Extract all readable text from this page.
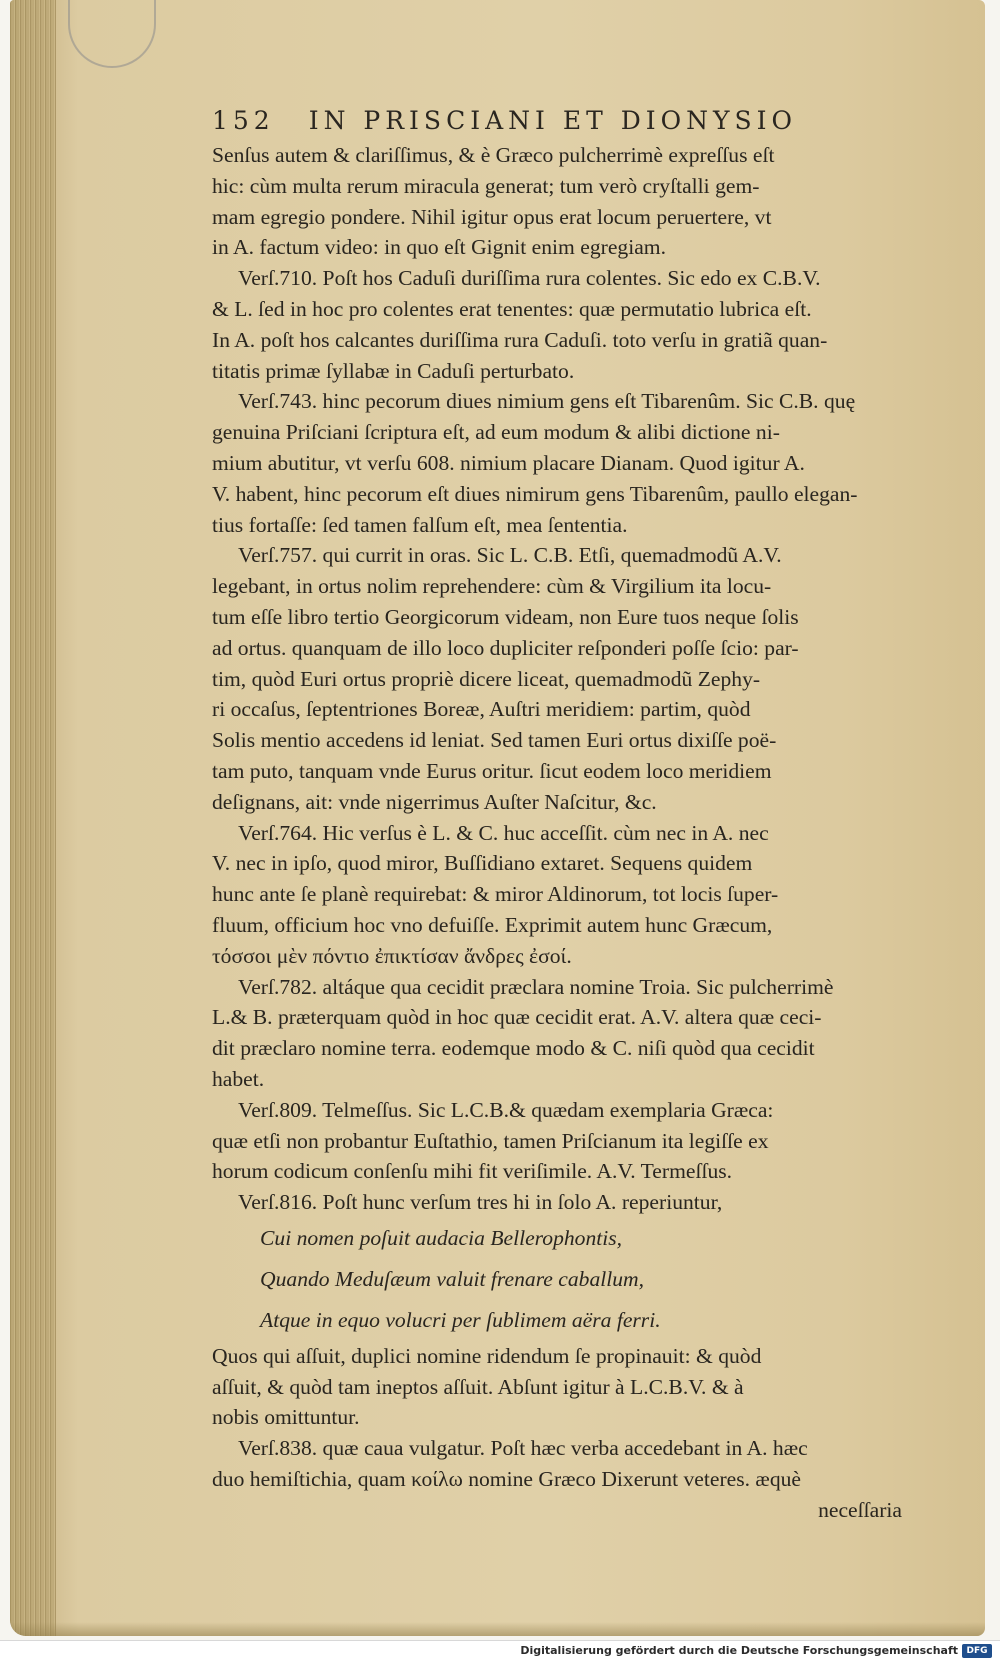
152 IN PRISCIANI ET DIONYSIO
Senſus autem & clariſſimus, & è Græco pulcherrimè expreſſus eſt
hic: cùm multa rerum miracula generat; tum verò cryſtalli gem-
mam egregio pondere. Nihil igitur opus erat locum peruertere, vt
in A. factum video: in quo eſt Gignit enim egregiam.
Verſ.710. Poſt hos Caduſi duriſſima rura colentes. Sic edo ex C.B.V.
& L. ſed in hoc pro colentes erat tenentes: quæ permutatio lubrica eſt.
In A. poſt hos calcantes duriſſima rura Caduſi. toto verſu in gratiã quan-
titatis primæ ſyllabæ in Caduſi perturbato.
Verſ.743. hinc pecorum diues nimium gens eſt Tibarenûm. Sic C.B. quę
genuina Priſciani ſcriptura eſt, ad eum modum & alibi dictione ni-
mium abutitur, vt verſu 608. nimium placare Dianam. Quod igitur A.
V. habent, hinc pecorum eſt diues nimirum gens Tibarenûm, paullo elegan-
tius fortaſſe: ſed tamen falſum eſt, mea ſententia.
Verſ.757. qui currit in oras. Sic L. C.B. Etſi, quemadmodũ A.V.
legebant, in ortus nolim reprehendere: cùm & Virgilium ita locu-
tum eſſe libro tertio Georgicorum videam, non Eure tuos neque ſolis
ad ortus. quanquam de illo loco dupliciter reſponderi poſſe ſcio: par-
tim, quòd Euri ortus propriè dicere liceat, quemadmodũ Zephy-
ri occaſus, ſeptentriones Boreæ, Auſtri meridiem: partim, quòd
Solis mentio accedens id leniat. Sed tamen Euri ortus dixiſſe poë-
tam puto, tanquam vnde Eurus oritur. ſicut eodem loco meridiem
deſignans, ait: vnde nigerrimus Auſter Naſcitur, &c.
Verſ.764. Hic verſus è L. & C. huc acceſſit. cùm nec in A. nec
V. nec in ipſo, quod miror, Buſſidiano extaret. Sequens quidem
hunc ante ſe planè requirebat: & miror Aldinorum, tot locis ſuper-
fluum, officium hoc vno defuiſſe. Exprimit autem hunc Græcum,
τόσσοι μὲν πόντιο ἐπικτίσαν ἄνδρες ἐσοί.
Verſ.782. altáque qua cecidit præclara nomine Troia. Sic pulcherrimè
L.& B. præterquam quòd in hoc quæ cecidit erat. A.V. altera quæ ceci-
dit præclaro nomine terra. eodemque modo & C. niſi quòd qua cecidit
habet.
Verſ.809. Telmeſſus. Sic L.C.B.& quædam exemplaria Græca:
quæ etſi non probantur Euſtathio, tamen Priſcianum ita legiſſe ex
horum codicum conſenſu mihi fit veriſimile. A.V. Termeſſus.
Verſ.816. Poſt hunc verſum tres hi in ſolo A. reperiuntur,
Cui nomen poſuit audacia Bellerophontis,
Quando Meduſæum valuit frenare caballum,
Atque in equo volucri per ſublimem aëra ferri.
Quos qui aſſuit, duplici nomine ridendum ſe propinauit: & quòd
aſſuit, & quòd tam ineptos aſſuit. Abſunt igitur à L.C.B.V. & à
nobis omittuntur.
Verſ.838. quæ caua vulgatur. Poſt hæc verba accedebant in A. hæc
duo hemiſtichia, quam κοίλω nomine Græco Dixerunt veteres. æquè
neceſſaria
Digitalisierung gefördert durch die Deutsche Forschungsgemeinschaft DFG
